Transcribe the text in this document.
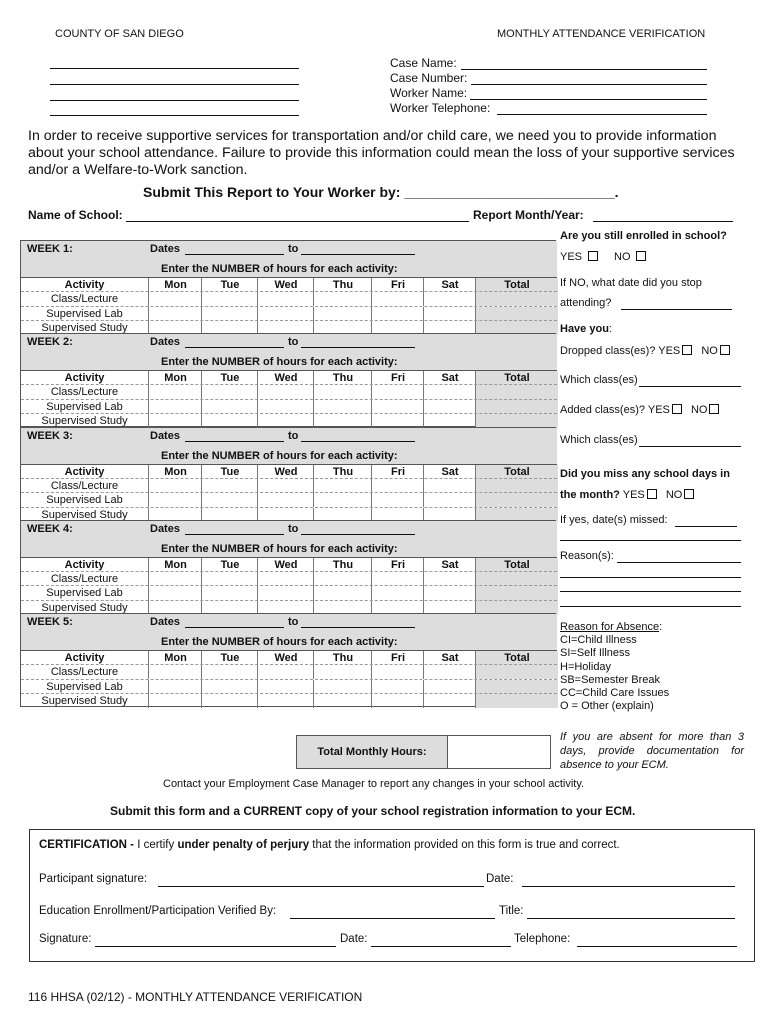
COUNTY OF SAN DIEGO	MONTHLY ATTENDANCE VERIFICATION
Case Name:
Case Number:
Worker Name:
Worker Telephone:
In order to receive supportive services for transportation and/or child care, we need you to provide information about your school attendance. Failure to provide this information could mean the loss of your supportive services and/or a Welfare-to-Work sanction.
Submit This Report to Your Worker by: ___________________________.
Name of School:	Report Month/Year:
WEEK 1:	Dates	to
Enter the NUMBER of hours for each activity:
Activity	Mon	Tue	Wed	Thu	Fri	Sat	Total
Class/Lecture
Supervised Lab
Supervised Study
WEEK 2:	Dates	to
Enter the NUMBER of hours for each activity:
Activity	Mon	Tue	Wed	Thu	Fri	Sat	Total
Class/Lecture
Supervised Lab
Supervised Study
WEEK 3:	Dates	to
Enter the NUMBER of hours for each activity:
Activity	Mon	Tue	Wed	Thu	Fri	Sat	Total
Class/Lecture
Supervised Lab
Supervised Study
WEEK 4:	Dates	to
Enter the NUMBER of hours for each activity:
Activity	Mon	Tue	Wed	Thu	Fri	Sat	Total
Class/Lecture
Supervised Lab
Supervised Study
WEEK 5:	Dates	to
Enter the NUMBER of hours for each activity:
Activity	Mon	Tue	Wed	Thu	Fri	Sat	Total
Class/Lecture
Supervised Lab
Supervised Study
Are you still enrolled in school?
YES	NO
If NO, what date did you stop
attending?
Have you:
Dropped class(es)? YES NO
Which class(es)
Added class(es)? YES NO
Which class(es)
Did you miss any school days in
the month? YES NO
If yes, date(s) missed:
Reason(s):
Reason for Absence:
CI=Child Illness
SI=Self Illness
H=Holiday
SB=Semester Break
CC=Child Care Issues
O = Other (explain)
If you are absent for more than 3 days, provide documentation for absence to your ECM.
Total Monthly Hours:
Contact your Employment Case Manager to report any changes in your school activity.
Submit this form and a CURRENT copy of your school registration information to your ECM.
CERTIFICATION - I certify under penalty of perjury that the information provided on this form is true and correct.
Participant signature:	Date:
Education Enrollment/Participation Verified By:	Title:
Signature:	Date:	Telephone:
116 HHSA (02/12) - MONTHLY ATTENDANCE VERIFICATION
